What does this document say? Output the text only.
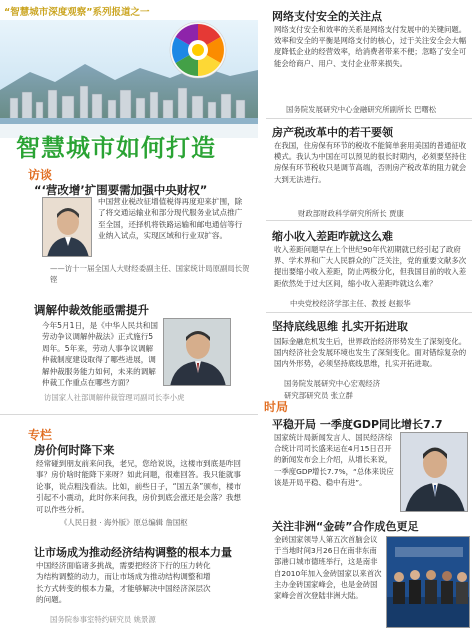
“智慧城市深度观察”系列报道之一
智慧城市如何打造
访谈
“‘营改增’扩围要需加强中央财权”
中国营业税改征增值税得再度迎来扩围，除了将交通运输业和部分现代服务业试点推广至全国，还择机将铁路运输和邮电通信等行业纳入试点，实现区域和行业双扩容。
——访十一届全国人大财经委副主任、国家统计局原副局长贺铿
调解仲裁效能亟需提升
今年5月1日，是《中华人民共和国劳动争议调解仲裁法》正式施行5周年。5年来，劳动人事争议调解仲裁制度建设取得了哪些进展，调解仲裁服务能力如何，未来的调解仲裁工作重点在哪些方面？
访国家人社部调解仲裁管理司副司长李小虎
专栏
房价何时降下来
经常碰到朋友前来问我，老兄，您给说说，这楼市到底是咋回事？房价啥时能降下来呀？如此问题，很难回答。我只能就事论事，说点粗浅看法。比如，前些日子，“国五条”颁布，楼市引起不小震动，此时你来问我，房价到底会涨还是会落？我想可以作些分析。
《人民日报 · 海外版》原总编辑 詹国枢
让市场成为推动经济结构调整的根本力量
中国经济面临诸多挑战，需要把经济下行的压力转化为结构调整的动力，而让市场成为推动结构调整和增长方式转变的根本力量，才能够解决中国经济深层次的问题。
国务院参事室特约研究员 姚景源
网络支付安全的关注点
网络支付安全和效率的关系是网络支付发展中的关键问题。效率和安全的平衡是网络支付的核心，过于关注安全会大幅度降低企业的经营效率，给消费者带来不便；忽略了安全可能会给商户、用户、支付企业带来损失。
国务院发展研究中心金融研究所副所长 巴曙松
房产税改革中的若干要领
在我国，住房保有环节的税收不能简单套用美国的普通征收模式。我认为中国在可以预见的很长时期内，必须要坚持住房保有环节税收只是调节高端，否则房产税改革的阻力就会大到无法进行。
财政部财政科学研究所所长 贾康
缩小收入差距咋就这么难
收入差距问题早在上个世纪90年代初期就已经引起了政府界、学术界和广大人民群众的广泛关注，党的重要文献多次提出要缩小收入差距，防止两极分化，但我国目前的收入差距依然处于过大区间，缩小收入差距咋就这么难？
中央党校经济学部主任、教授 赵振华
坚持底线思维 扎实开拓进取
国际金融危机发生后，世界政治经济形势发生了深刻变化。国内经济社会发展环境也发生了深刻变化。面对错综复杂的国内外形势，必须坚持底线思维，扎实开拓进取。
国务院发展研究中心宏观经济
研究部研究员 张立群
时局
平稳开局 一季度GDP同比增长7.7
国家统计局新闻发言人、国民经济综合统计司司长盛来运在4月15日召开的新闻发布会上介绍，从增长来说，一季度GDP增长7.7%，“总体来说应该是开局平稳、稳中有进”。
关注非洲“金砖”合作成色更足
金砖国家领导人第五次首脑会议于当地时间3月26日在南非东南部港口城市德班举行，这是南非自2010年加入金砖国家以来首次主办金砖国家峰会，也是金砖国家峰会首次登陆非洲大陆。
